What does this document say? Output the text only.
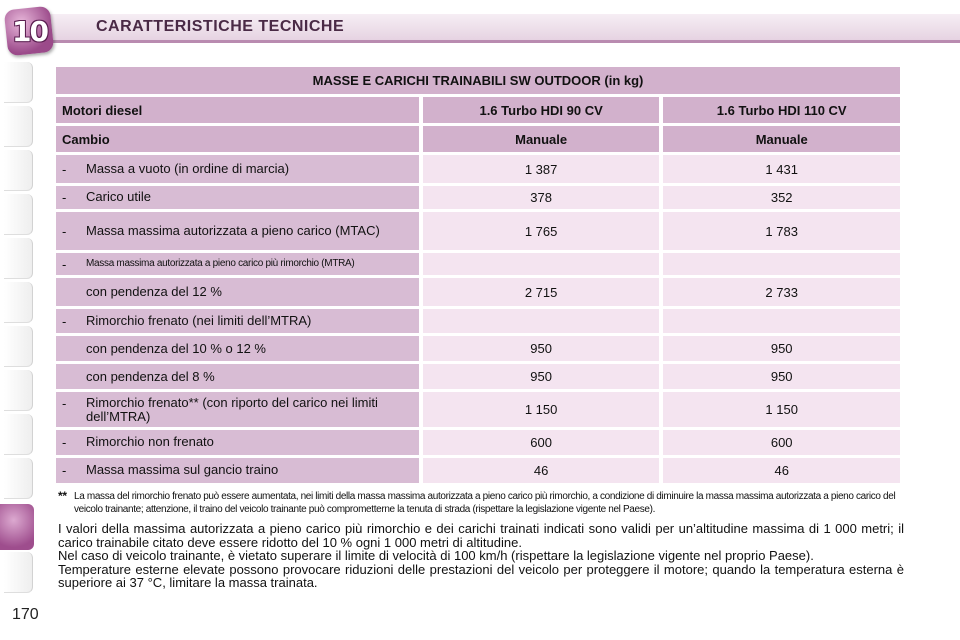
10	CARATTERISTICHE TECNICHE
MASSE E CARICHI TRAINABILI SW OUTDOOR (in kg)		
Motori diesel	1.6 Turbo HDI 90 CV	1.6 Turbo HDI 110 CV
Cambio	Manuale	Manuale

- Massa a vuoto (in ordine di marcia)	1 387	1 431

- Carico utile	378	352

- Massa massima autorizzata a pieno carico (MTAC)	1 765	1 783

- Massa massima autorizzata a pieno carico più rimorchio (MTRA)		

con pendenza del 12 %	2 715	2 733

- Rimorchio frenato (nei limiti dell’MTRA)		

con pendenza del 10 % o 12 %	950	950

con pendenza del 8 %	950	950

- Rimorchio frenato** (con riporto del carico nei limiti dell’MTRA)	1 150	1 150

- Rimorchio non frenato	600	600

- Massa massima sul gancio traino	46	46
** La massa del rimorchio frenato può essere aumentata, nei limiti della massa massima autorizzata a pieno carico più rimorchio, a condizione di diminuire la massa massima autorizzata a pieno carico del veicolo trainante; attenzione, il traino del veicolo trainante può comprometterne la tenuta di strada (rispettare la legislazione vigente nel Paese).

I valori della massima autorizzata a pieno carico più rimorchio e dei carichi trainati indicati sono validi per un’altitudine massima di 1 000 metri; il carico trainabile citato deve essere ridotto del 10 % ogni 1 000 metri di altitudine.

Nel caso di veicolo trainante, è vietato superare il limite di velocità di 100 km/h (rispettare la legislazione vigente nel proprio Paese).

Temperature esterne elevate possono provocare riduzioni delle prestazioni del veicolo per proteggere il motore; quando la temperatura esterna è superiore ai 37 °C, limitare la massa trainata.

170
